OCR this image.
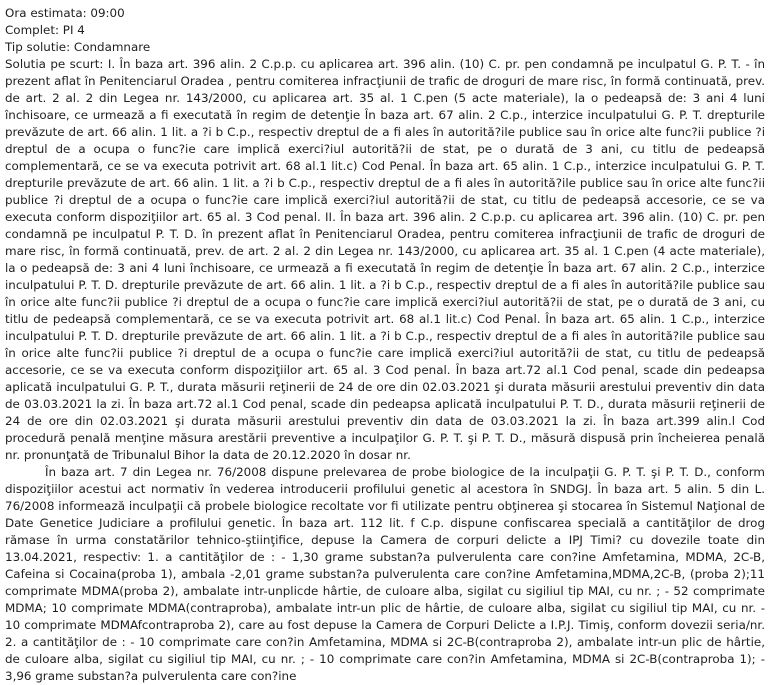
Ora estimata: 09:00
Complet: PI 4
Tip solutie: Condamnare

Solutia pe scurt: I. În baza art. 396 alin. 2 C.p.p. cu aplicarea art. 396 alin. (10) C. pr. pen condamnă pe inculpatul G. P. T. - în prezent aflat în Penitenciarul Oradea , pentru comiterea infracţiunii de trafic de droguri de mare risc, în formă continuată, prev. de art. 2 al. 2 din Legea nr. 143/2000, cu aplicarea art. 35 al. 1 C.pen (5 acte materiale), la o pedeapsă de: 3 ani 4 luni închisoare, ce urmează a fi executată în regim de detenţie În baza art. 67 alin. 2 C.p., interzice inculpatului G. P. T. drepturile prevăzute de art. 66 alin. 1 lit. a ?i b C.p., respectiv dreptul de a fi ales în autorită?ile publice sau în orice alte func?ii publice ?i dreptul de a ocupa o func?ie care implică exerci?iul autorită?ii de stat, pe o durată de 3 ani, cu titlu de pedeapsă complementară, ce se va executa potrivit art. 68 al.1 lit.c) Cod Penal. În baza art. 65 alin. 1 C.p., interzice inculpatului G. P. T. drepturile prevăzute de art. 66 alin. 1 lit. a ?i b C.p., respectiv dreptul de a fi ales în autorită?ile publice sau în orice alte func?ii publice ?i dreptul de a ocupa o func?ie care implică exerci?iul autorită?ii de stat, cu titlu de pedeapsă accesorie, ce se va executa conform dispoziţiilor art. 65 al. 3 Cod penal. II. În baza art. 396 alin. 2 C.p.p. cu aplicarea art. 396 alin. (10) C. pr. pen condamnă pe inculpatul P. T. D. în prezent aflat în Penitenciarul Oradea, pentru comiterea infracţiunii de trafic de droguri de mare risc, în formă continuată, prev. de art. 2 al. 2 din Legea nr. 143/2000, cu aplicarea art. 35 al. 1 C.pen (4 acte materiale), la o pedeapsă de: 3 ani 4 luni închisoare, ce urmează a fi executată în regim de detenţie În baza art. 67 alin. 2 C.p., interzice inculpatului P. T. D. drepturile prevăzute de art. 66 alin. 1 lit. a ?i b C.p., respectiv dreptul de a fi ales în autorită?ile publice sau în orice alte func?ii publice ?i dreptul de a ocupa o func?ie care implică exerci?iul autorită?ii de stat, pe o durată de 3 ani, cu titlu de pedeapsă complementară, ce se va executa potrivit art. 68 al.1 lit.c) Cod Penal. În baza art. 65 alin. 1 C.p., interzice inculpatului P. T. D. drepturile prevăzute de art. 66 alin. 1 lit. a ?i b C.p., respectiv dreptul de a fi ales în autorită?ile publice sau în orice alte func?ii publice ?i dreptul de a ocupa o func?ie care implică exerci?iul autorită?ii de stat, cu titlu de pedeapsă accesorie, ce se va executa conform dispoziţiilor art. 65 al. 3 Cod penal. În baza art.72 al.1 Cod penal, scade din pedeapsa aplicată inculpatului G. P. T., durata măsurii reţinerii de 24 de ore din 02.03.2021 şi durata măsurii arestului preventiv din data de 03.03.2021 la zi. În baza art.72 al.1 Cod penal, scade din pedeapsa aplicată inculpatului P. T. D., durata măsurii reţinerii de 24 de ore din 02.03.2021 şi durata măsurii arestului preventiv din data de 03.03.2021 la zi. În baza art.399 alin.l Cod procedură penală menţine măsura arestării preventive a inculpaţilor G. P. T. şi P. T. D., măsură dispusă prin încheierea penală nr. pronunţată de Tribunalul Bihor la data de 20.12.2020 în dosar nr.

În baza art. 7 din Legea nr. 76/2008 dispune prelevarea de probe biologice de la inculpaţii G. P. T. şi P. T. D., conform dispoziţiilor acestui act normativ în vederea introducerii profilului genetic al acestora în SNDGJ. În baza art. 5 alin. 5 din L. 76/2008 informează inculpaţii că probele biologice recoltate vor fi utilizate pentru obţinerea şi stocarea în Sistemul Naţional de Date Genetice Judiciare a profilului genetic. În baza art. 112 lit. f C.p. dispune confiscarea specială a cantităţilor de drog rămase în urma constatărilor tehnico-ştiinţifice, depuse la Camera de corpuri delicte a IPJ Timi? cu dovezile toate din 13.04.2021, respectiv: 1. a cantităţilor de : - 1,30 grame substan?a pulverulenta care con?ine Amfetamina, MDMA, 2C-B, Cafeina si Cocaina(proba 1), ambala -2,01 grame substan?a pulverulenta care con?ine Amfetamina,MDMA,2C-B, (proba 2);11 comprimate MDMA(proba 2), ambalate intr-unplicde hârtie, de culoare alba, sigilat cu sigiliul tip MAI, cu nr. ; - 52 comprimate MDMA; 10 comprimate MDMA(contraproba), ambalate intr-un plic de hârtie, de culoare alba, sigilat cu sigiliul tip MAI, cu nr. - 10 comprimate MDMAfcontraproba 2), care au fost depuse la Camera de Corpuri Delicte a I.P.J. Timiş, conform dovezii seria/nr. 2. a cantităţilor de : - 10 comprimate care con?in Amfetamina, MDMA si 2C-B(contraproba 2), ambalate intr-un plic de hârtie, de culoare alba, sigilat cu sigiliul tip MAI, cu nr. ; - 10 comprimate care con?in Amfetamina, MDMA si 2C-B(contraproba 1); - 3,96 grame substan?a pulverulenta care con?ine
